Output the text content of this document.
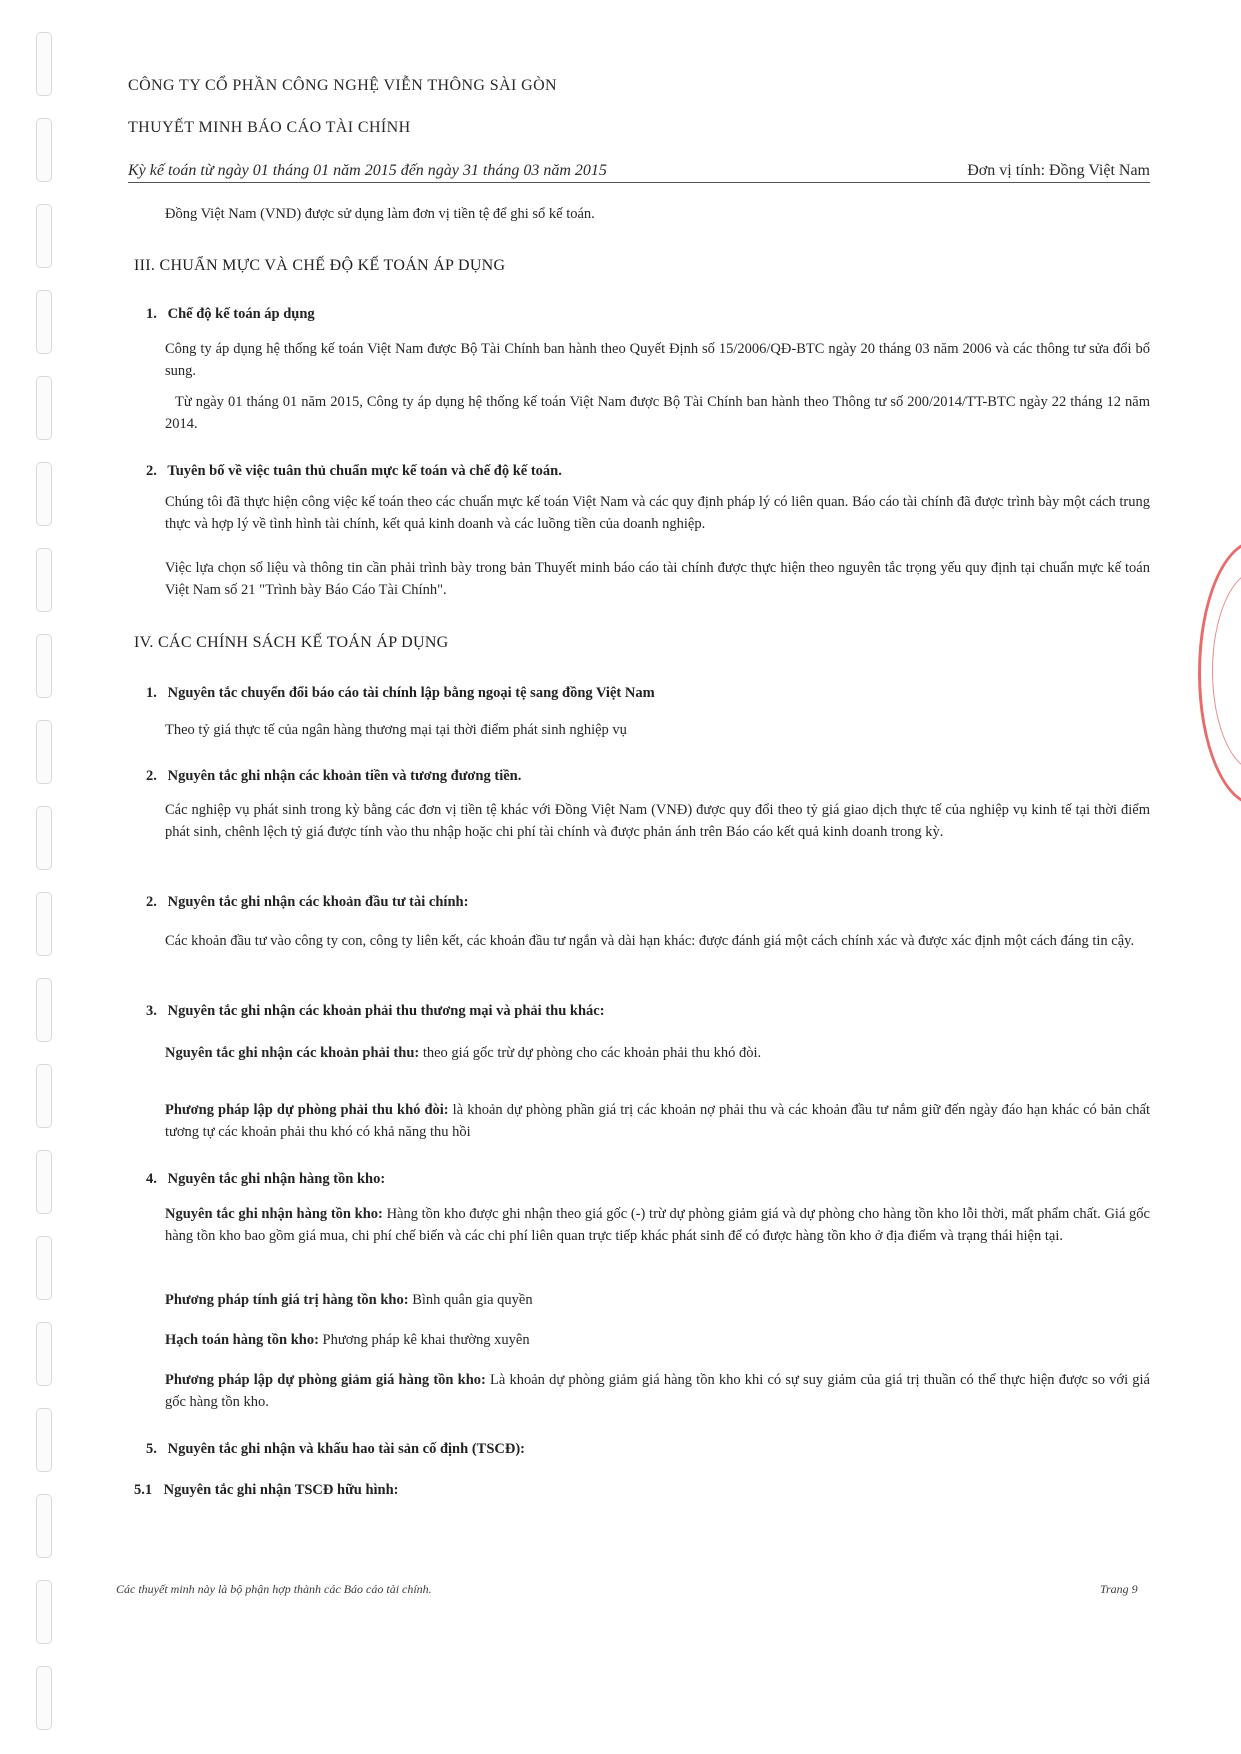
CÔNG TY CỔ PHẦN CÔNG NGHỆ VIỄN THÔNG SÀI GÒN
THUYẾT MINH BÁO CÁO TÀI CHÍNH
Kỳ kế toán từ ngày 01 tháng 01 năm 2015 đến ngày 31 tháng 03 năm 2015	Đơn vị tính: Đồng Việt Nam
Đồng Việt Nam (VND) được sử dụng làm đơn vị tiền tệ để ghi sổ kế toán.
III. CHUẨN MỰC VÀ CHẾ ĐỘ KẾ TOÁN ÁP DỤNG
1. Chế độ kế toán áp dụng
Công ty áp dụng hệ thống kế toán Việt Nam được Bộ Tài Chính ban hành theo Quyết Định số 15/2006/QĐ-BTC ngày 20 tháng 03 năm 2006 và các thông tư sửa đổi bổ sung.
Từ ngày 01 tháng 01 năm 2015, Công ty áp dụng hệ thống kế toán Việt Nam được Bộ Tài Chính ban hành theo Thông tư số 200/2014/TT-BTC ngày 22 tháng 12 năm 2014.
2. Tuyên bố về việc tuân thủ chuẩn mực kế toán và chế độ kế toán.
Chúng tôi đã thực hiện công việc kế toán theo các chuẩn mực kế toán Việt Nam và các quy định pháp lý có liên quan. Báo cáo tài chính đã được trình bày một cách trung thực và hợp lý về tình hình tài chính, kết quả kinh doanh và các luồng tiền của doanh nghiệp.
Việc lựa chọn số liệu và thông tin cần phải trình bày trong bản Thuyết minh báo cáo tài chính được thực hiện theo nguyên tắc trọng yếu quy định tại chuẩn mực kế toán Việt Nam số 21 "Trình bày Báo Cáo Tài Chính".
IV. CÁC CHÍNH SÁCH KẾ TOÁN ÁP DỤNG
1. Nguyên tắc chuyển đổi báo cáo tài chính lập bằng ngoại tệ sang đồng Việt Nam
Theo tỷ giá thực tế của ngân hàng thương mại tại thời điểm phát sinh nghiệp vụ
2. Nguyên tắc ghi nhận các khoản tiền và tương đương tiền.
Các nghiệp vụ phát sinh trong kỳ bằng các đơn vị tiền tệ khác với Đồng Việt Nam (VNĐ) được quy đổi theo tỷ giá giao dịch thực tế của nghiệp vụ kinh tế tại thời điểm phát sinh, chênh lệch tỷ giá được tính vào thu nhập hoặc chi phí tài chính và được phản ánh trên Báo cáo kết quả kinh doanh trong kỳ.
2. Nguyên tắc ghi nhận các khoản đầu tư tài chính:
Các khoản đầu tư vào công ty con, công ty liên kết, các khoản đầu tư ngắn và dài hạn khác: được đánh giá một cách chính xác và được xác định một cách đáng tin cậy.
3. Nguyên tắc ghi nhận các khoản phải thu thương mại và phải thu khác:
Nguyên tắc ghi nhận các khoản phải thu: theo giá gốc trừ dự phòng cho các khoản phải thu khó đòi.
Phương pháp lập dự phòng phải thu khó đòi: là khoản dự phòng phần giá trị các khoản nợ phải thu và các khoản đầu tư nắm giữ đến ngày đáo hạn khác có bản chất tương tự các khoản phải thu khó có khả năng thu hồi
4. Nguyên tắc ghi nhận hàng tồn kho:
Nguyên tắc ghi nhận hàng tồn kho: Hàng tồn kho được ghi nhận theo giá gốc (-) trừ dự phòng giảm giá và dự phòng cho hàng tồn kho lỗi thời, mất phẩm chất. Giá gốc hàng tồn kho bao gồm giá mua, chi phí chế biến và các chi phí liên quan trực tiếp khác phát sinh để có được hàng tồn kho ở địa điểm và trạng thái hiện tại.
Phương pháp tính giá trị hàng tồn kho: Bình quân gia quyền
Hạch toán hàng tồn kho: Phương pháp kê khai thường xuyên
Phương pháp lập dự phòng giảm giá hàng tồn kho: Là khoản dự phòng giảm giá hàng tồn kho khi có sự suy giảm của giá trị thuần có thể thực hiện được so với giá gốc hàng tồn kho.
5. Nguyên tắc ghi nhận và khấu hao tài sản cố định (TSCĐ):
5.1 Nguyên tắc ghi nhận TSCĐ hữu hình:
Các thuyết minh này là bộ phận hợp thành các Báo cáo tài chính.	Trang 9
